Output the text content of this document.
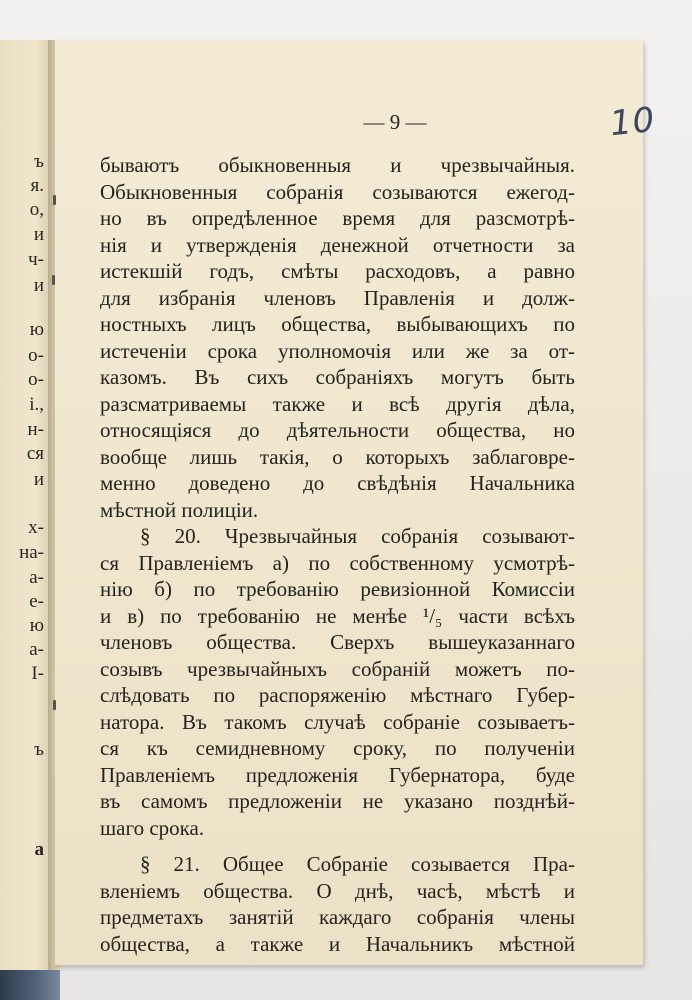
ъ
я.
о,
и
ч-
и
ю
о-
о-
і.,
н-
ся
и
х-
на-
а-
е-
ю
а-
І-
ъ
а
— 9 —	10
бываютъ обыкновенныя и чрезвычайныя.
Обыкновенныя собранія созываются ежегод-
но въ опредѣленное время для разсмотрѣ-
нія и утвержденія денежной отчетности за
истекшій годъ, смѣты расходовъ, а равно
для избранія членовъ Правленія и долж-
ностныхъ лицъ общества, выбывающихъ по
истеченіи срока уполномочія или же за от-
казомъ. Въ сихъ собраніяхъ могутъ быть
разсматриваемы также и всѣ другія дѣла,
относящіяся до дѣятельности общества, но
вообще лишь такія, о которыхъ заблаговре-
менно доведено до свѣдѣнія Начальника
мѣстной полиціи.
§ 20. Чрезвычайныя собранія созывают-
ся Правленіемъ а) по собственному усмотрѣ-
нію б) по требованію ревизіонной Комиссіи
и в) по требованію не менѣе ¹/₅ части всѣхъ
членовъ общества. Сверхъ вышеуказаннаго
созывъ чрезвычайныхъ собраній можетъ по-
слѣдовать по распоряженію мѣстнаго Губер-
натора. Въ такомъ случаѣ собраніе созываетъ-
ся къ семидневному сроку, по полученіи
Правленіемъ предложенія Губернатора, буде
въ самомъ предложеніи не указано позднѣй-
шаго срока.
§ 21. Общее Собраніе созывается Пра-
вленіемъ общества. О днѣ, часѣ, мѣстѣ и
предметахъ занятій каждаго собранія члены
общества, а также и Начальникъ мѣстной
